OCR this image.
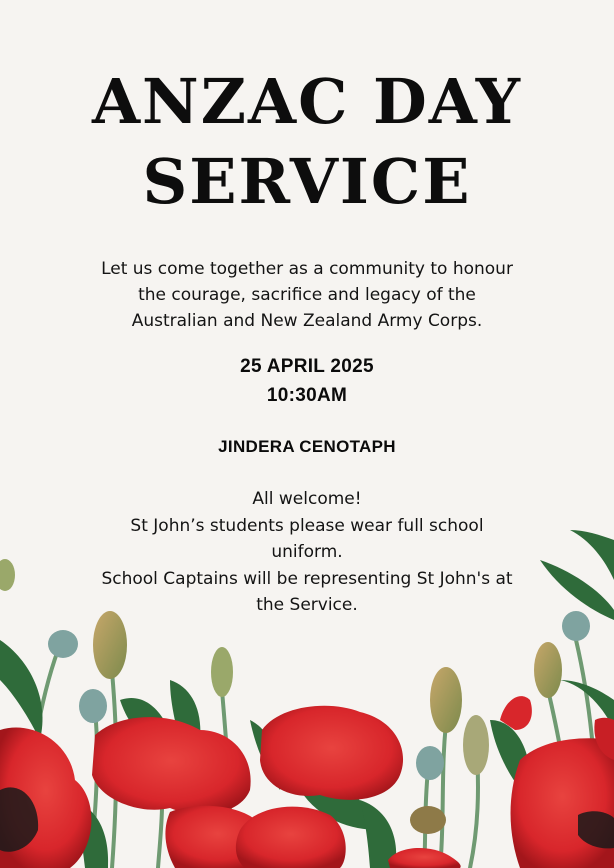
ANZAC DAY
SERVICE
Let us come together as a community to honour
the courage, sacrifice and legacy of the
Australian and New Zealand Army Corps.
25 APRIL 2025
10:30AM
JINDERA CENOTAPH
All welcome!
St John’s students please wear full school
uniform.
School Captains will be representing St John's at
the Service.
